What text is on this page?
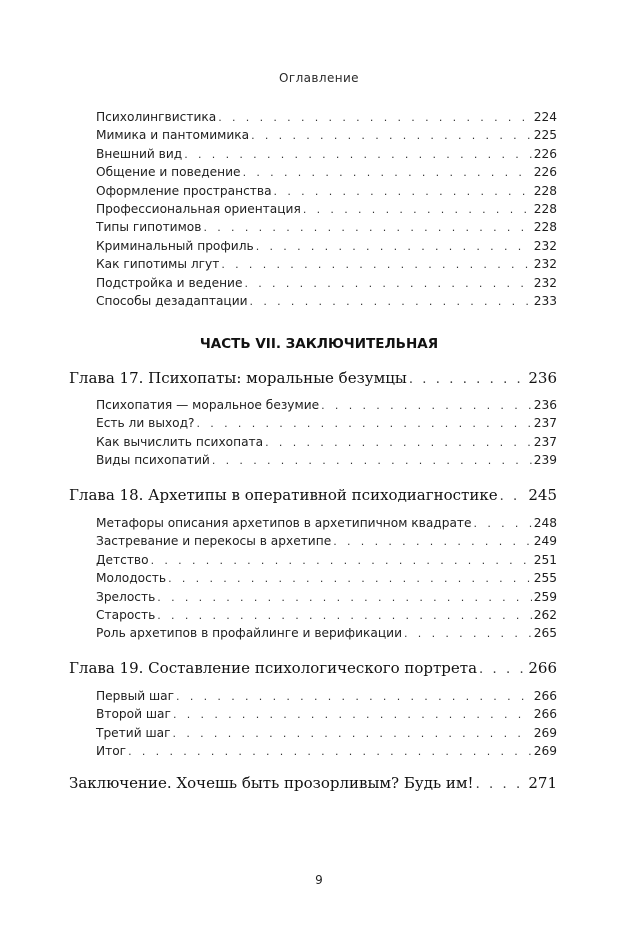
Оглавление
Психолингвистика . . .	224
Мимика и пантомимика . . .	225
Внешний вид . . .	226
Общение и поведение . . .	226
Оформление пространства . . .	228
Профессиональная ориентация . . .	228
Типы гипотимов . . .	228
Криминальный профиль . . .	232
Как гипотимы лгут . . .	232
Подстройка и ведение . . .	232
Способы дезадаптации . . .	233
ЧАСТЬ VII. ЗАКЛЮЧИТЕЛЬНАЯ
Глава 17. Психопаты: моральные безумцы . . .	236
Психопатия — моральное безумие . . .	236
Есть ли выход? . . .	237
Как вычислить психопата . . .	237
Виды психопатий . . .	239
Глава 18. Архетипы в оперативной психодиагностике . . . 245
Метафоры описания архетипов в архетипичном квадрате . . .	248
Застревание и перекосы в архетипе . . .	249
Детство . . .	251
Молодость . . .	255
Зрелость . . .	259
Старость . . .	262
Роль архетипов в профайлинге и верификации . . .	265
Глава 19. Составление психологического портрета . . .	266
Первый шаг . . .	266
Второй шаг . . .	266
Третий шаг . . .	269
Итог . . .	269
Заключение. Хочешь быть прозорливым? Будь им! . . .	271
9
